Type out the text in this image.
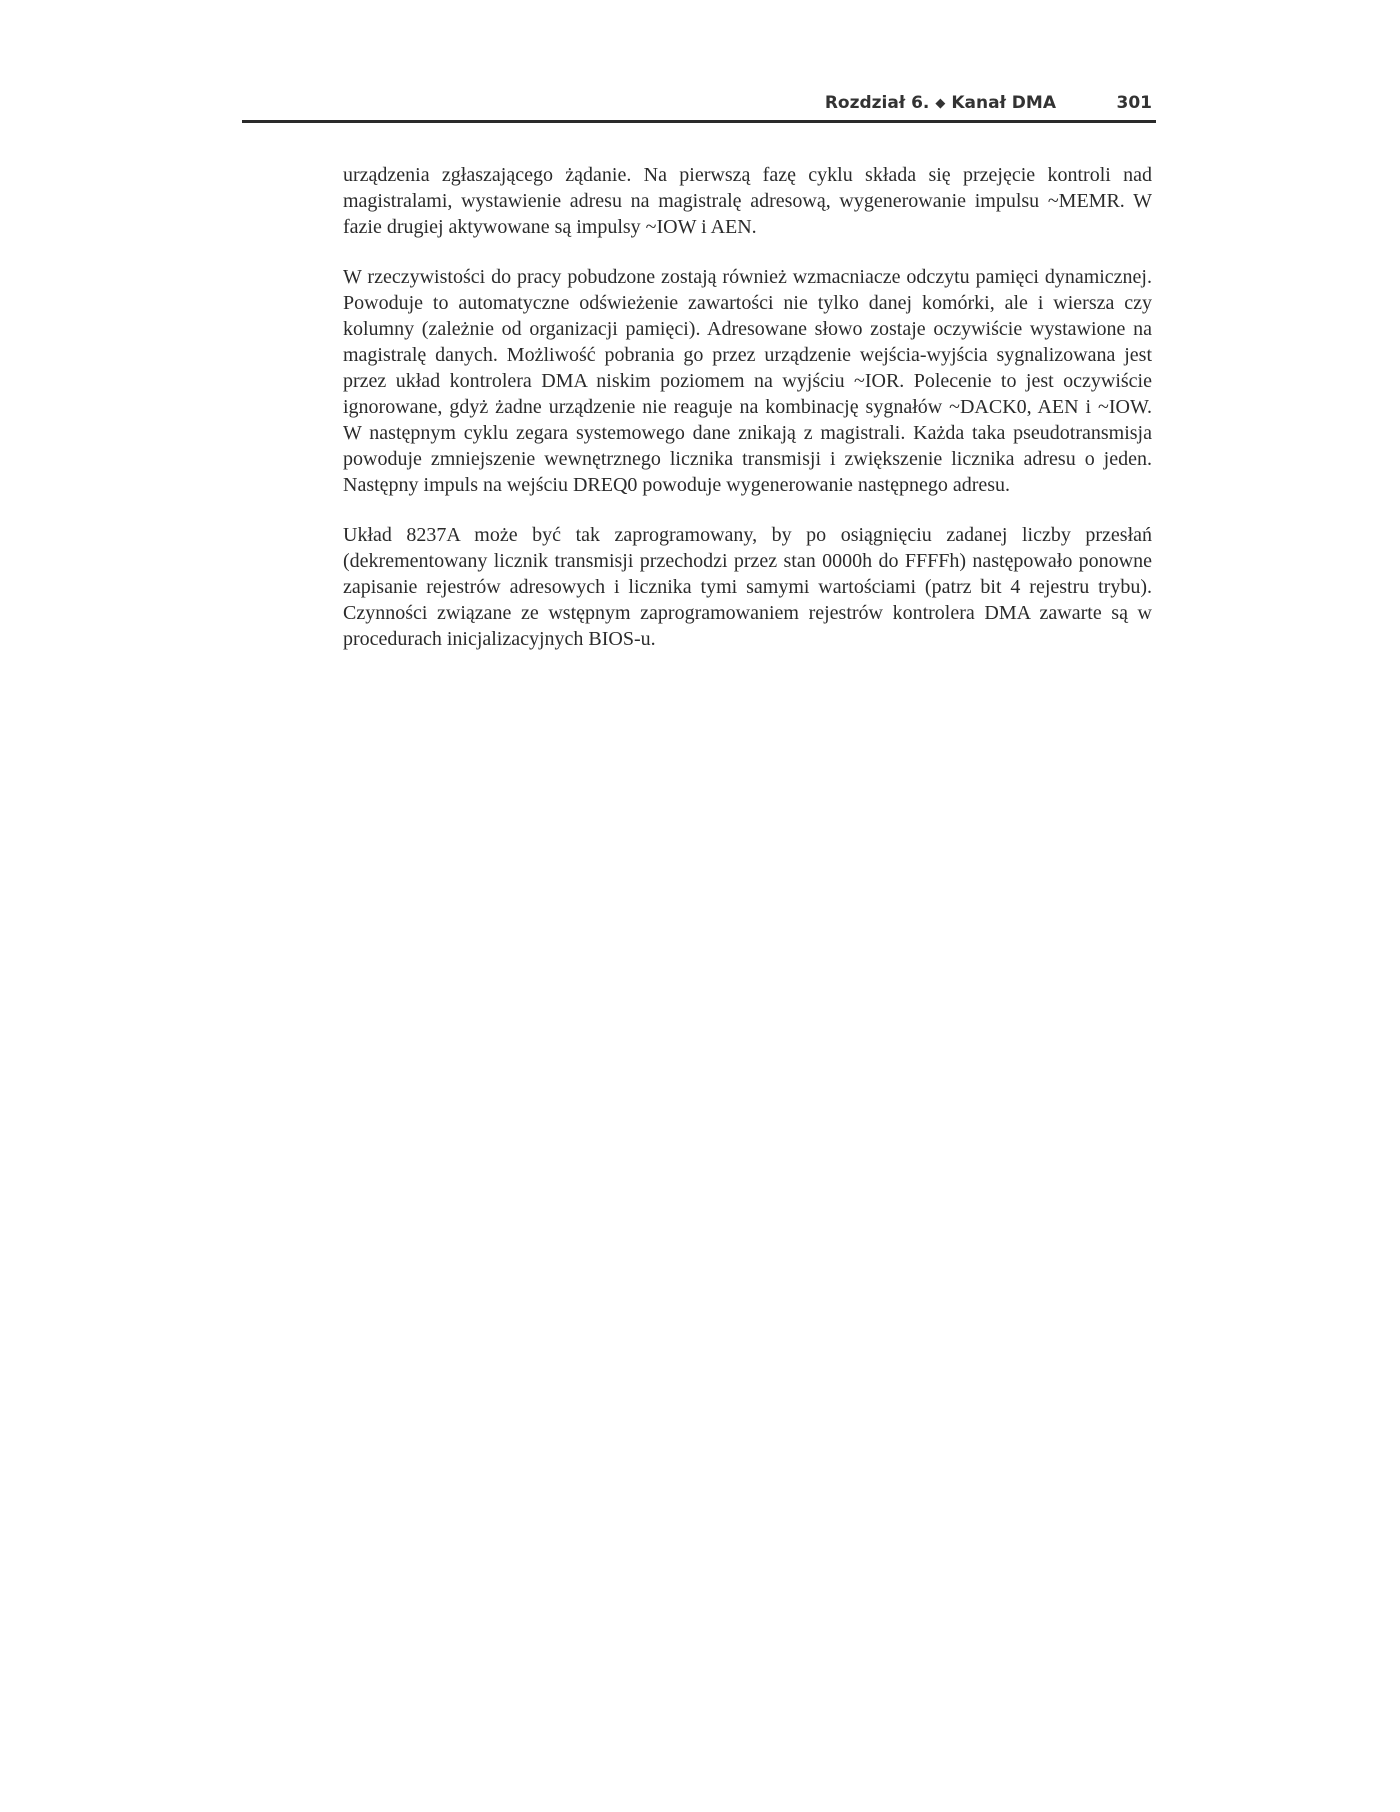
Rozdział 6. ◆ Kanał DMA	301

urządzenia zgłaszającego żądanie. Na pierwszą fazę cyklu składa się przejęcie kontroli nad magistralami, wystawienie adresu na magistralę adresową, wygenerowanie impulsu ~MEMR. W fazie drugiej aktywowane są impulsy ~IOW i AEN.

W rzeczywistości do pracy pobudzone zostają również wzmacniacze odczytu pamięci dynamicznej. Powoduje to automatyczne odświeżenie zawartości nie tylko danej komórki, ale i wiersza czy kolumny (zależnie od organizacji pamięci). Adresowane słowo zostaje oczywiście wystawione na magistralę danych. Możliwość pobrania go przez urządzenie wejścia-wyjścia sygnalizowana jest przez układ kontrolera DMA niskim poziomem na wyjściu ~IOR. Polecenie to jest oczywiście ignorowane, gdyż żadne urządzenie nie reaguje na kombinację sygnałów ~DACK0, AEN i ~IOW. W następnym cyklu zegara systemowego dane znikają z magistrali. Każda taka pseudotransmisja powoduje zmniejszenie wewnętrznego licznika transmisji i zwiększenie licznika adresu o jeden. Następny impuls na wejściu DREQ0 powoduje wygenerowanie następnego adresu.

Układ 8237A może być tak zaprogramowany, by po osiągnięciu zadanej liczby przesłań (dekrementowany licznik transmisji przechodzi przez stan 0000h do FFFFh) następowało ponowne zapisanie rejestrów adresowych i licznika tymi samymi wartościami (patrz bit 4 rejestru trybu). Czynności związane ze wstępnym zaprogramowaniem rejestrów kontrolera DMA zawarte są w procedurach inicjalizacyjnych BIOS-u.
